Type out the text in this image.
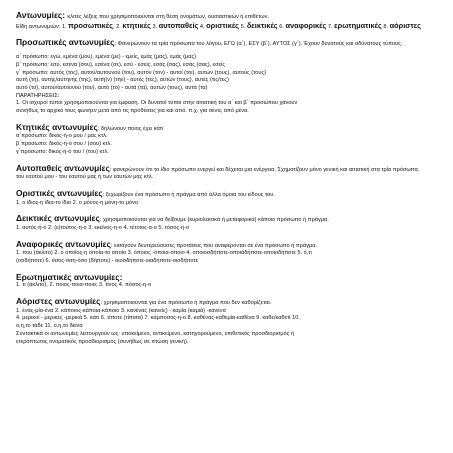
Αντωνυμίες: κλιτές λέξεις που χρησιμοποιούνται στη θέση ονομάτων, ουσιαστικών ή επιθέτων.
Είδη αντωνυμιών: 1. προσωπικές, 2. κτητικές 3. αυτοπαθείς 4. οριστικές 5. δεικτικές 6. αναφορικές 7. ερωτηματικές 8. αόριστες
Προσωπικές αντωνυμίες: Φανερώνουν τα τρία πρόσωπα του λόγου, ΕΓΩ (α΄), ΕΣΥ (β΄), ΑΥΤΟΣ (γ΄). Έχουν δυνατούς και αδύνατους τύπους.
α΄ πρόσωπο: εγώ, εμένα (μου), εμένα (με) - εμείς, εμάς (μας), εμάς (μας)
β΄ πρόσωπο: εσύ, εσένα (σου), εσένα (σε), εσύ - εσείς, εσάς (σας), εσάς (σας), εσείς
γ΄ πρόσωπο: αυτός (τος), αυτού/αυτουνού (του), αυτόν (τον) - αυτοί (τοι), αυτών (τους), αυτούς (τους)
αυτή (τη), αυτής/αυτηνής (της), αυτή(ν) (την) - αυτές (τες), αυτών (τους), αυτές (τις/τες)
αυτό (το), αυτού/αυτουνού (του), αυτό (το) - αυτά (τα), αυτών (τους), αυτά (τα)
ΠΑΡΑΤΗΡΗΣΕΙΣ:
1. Οι ισχυροί τύποι χρησιμοποιούνται για έμφαση. Οι δυνατοί τύποι στην αιτιατική του α΄ και β΄ προσώπου χάνουν
συνήθως το αρχικό τους φωνήεν μετά από τις προθέσεις για και από. π.χ. για σένα, από μένα.
Κτητικές αντωνυμίες: δηλώνουν ποιος έχει κάτι
α΄πρόσωπο: δικός-ή-ο μου / μας κτλ.
β΄πρόσωπο: δικός-ή-ό σου / (σου) κτλ.
γ΄πρόσωπο: δικός-ή-ό του / (του) κτλ.
Αυτοπαθείς αντωνυμίες: φανερώνουν ότι το ίδιο πρόσωπο ενεργεί και δέχεται μια ενέργεια. Σχηματίζουν μόνο γενική και αιτιατική στα τρία πρόσωπα.
του εαυτού μου - του εαυτού μας ή των εαυτών μας κτλ.
Οριστικές αντωνυμίες: ξεχωρίζουν ένα πρόσωπο ή πράγμα από άλλα όμοια του είδους του.
1. ο ίδιος-η ίδια-το ίδιο 2. ο μόνος-η μόνη-το μόνο
Δεικτικές αντωνυμίες: χρησιμοποιούνται για να δείξουμε (κυριολεκτικά ή μεταφορικά) κάποιο πρόσωπο ή πράγμα.
1. αυτός-ή-ό 2. (ε)τούτος-η-ο 3. εκείνος-η-ο 4. τέτοιος-α-ο 5. τόσος-η-ο
Αναφορικές αντωνυμίες: εισάγουν δευτερεύουσες προτάσεις που αναφέρονται σε ένα πρόσωπο ή πράγμα.
1. που (άκλιτο) 2. ο οποίος-η οποία-το οποίο 3. όποιος -όποια-όποιο 4. οποιοσδήποτε-οποιαδήποτε-οποιοδήποτε 5. ό,τι
(οτιδήποτε) 6. όσος-όση-όσο (δήποτε) - οιοσδήποτε-οιαδήποτε-οιοδήποτε
Ερωτηματικές αντωνυμίες:
1. τι (άκλιτο), 2. ποιος-ποια-ποιο; 3. τίνος 4. πόσος-η-ο
Αόριστες αντωνυμίες: χρησιμοποιούνται για ένα πρόσωπο ή πράγμα που δεν καθορίζεται.
1. ένας-μία-ένα 2. κάποιος-κάποια-κάποιο 3. κανένας (κανείς) - καμία (καμιά) -κανένα
4. μερικοί - μερικές -μερικά 5. κάτι 6. τίποτε (τίποτα) 7. κάμποσος-η-ο 8. καθένας-καθεμία-καθένα 9. καθε/καθετί 10.
ο,η,το τάδε 11. ο,η,το δείνα
Συντακτικά οι αντωνυμίες λειτουργούν ως: υποκείμενο, αντικείμενο, κατηγορούμενο, επιθετικός προσδιορισμός ή
ετερόπτωτος ονοματικός προσδιορισμός (συνήθως σε πτώση γενική).
